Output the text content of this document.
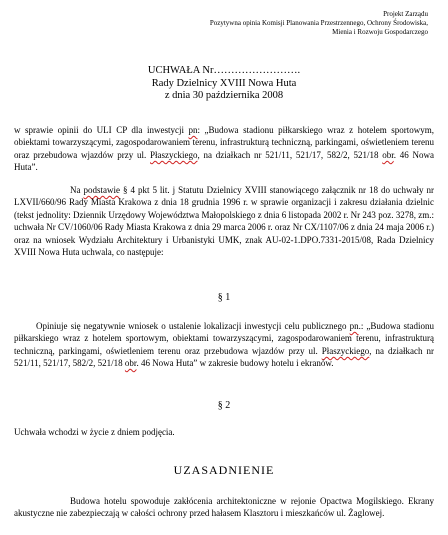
Projekt Zarządu
Pozytywna opinia Komisji Planowania Przestrzennego, Ochrony Środowiska,
Mienia i Rozwoju Gospodarczego
UCHWAŁA Nr…………………….
Rady Dzielnicy XVIII Nowa Huta
z dnia 30 października 2008

w sprawie opinii do ULI CP dla inwestycji pn: „Budowa stadionu piłkarskiego wraz z hotelem sportowym, obiektami towarzyszącymi, zagospodarowaniem terenu, infrastrukturą techniczną, parkingami, oświetleniem terenu oraz przebudowa wjazdów przy ul. Płaszyckiego, na działkach nr 521/11, 521/17, 582/2, 521/18 obr. 46 Nowa Huta”.

Na podstawie § 4 pkt 5 lit. j Statutu Dzielnicy XVIII stanowiącego załącznik nr 18 do uchwały nr LXVII/660/96 Rady Miasta Krakowa z dnia 18 grudnia 1996 r. w sprawie organizacji i zakresu działania dzielnic (tekst jednolity: Dziennik Urzędowy Województwa Małopolskiego z dnia 6 listopada 2002 r. Nr 243 poz. 3278, zm.: uchwała Nr CV/1060/06 Rady Miasta Krakowa z dnia 29 marca 2006 r. oraz Nr CX/1107/06 z dnia 24 maja 2006 r.) oraz na wniosek Wydziału Architektury i Urbanistyki UMK, znak AU-02-1.DPO.7331-2015/08, Rada Dzielnicy XVIII Nowa Huta uchwala, co następuje:

§ 1

Opiniuje się negatywnie wniosek o ustalenie lokalizacji inwestycji celu publicznego pn.: „Budowa stadionu piłkarskiego wraz z hotelem sportowym, obiektami towarzyszącymi, zagospodarowaniem terenu, infrastrukturą techniczną, parkingami, oświetleniem terenu oraz przebudowa wjazdów przy ul. Płaszyckiego, na działkach nr 521/11, 521/17, 582/2, 521/18 obr. 46 Nowa Huta” w zakresie budowy hotelu i ekranów.

§ 2

Uchwała wchodzi w życie z dniem podjęcia.

UZASADNIENIE

Budowa hotelu spowoduje zakłócenia architektoniczne w rejonie Opactwa Mogilskiego. Ekrany akustyczne nie zabezpieczają w całości ochrony przed hałasem Klasztoru i mieszkańców ul. Żaglowej.
